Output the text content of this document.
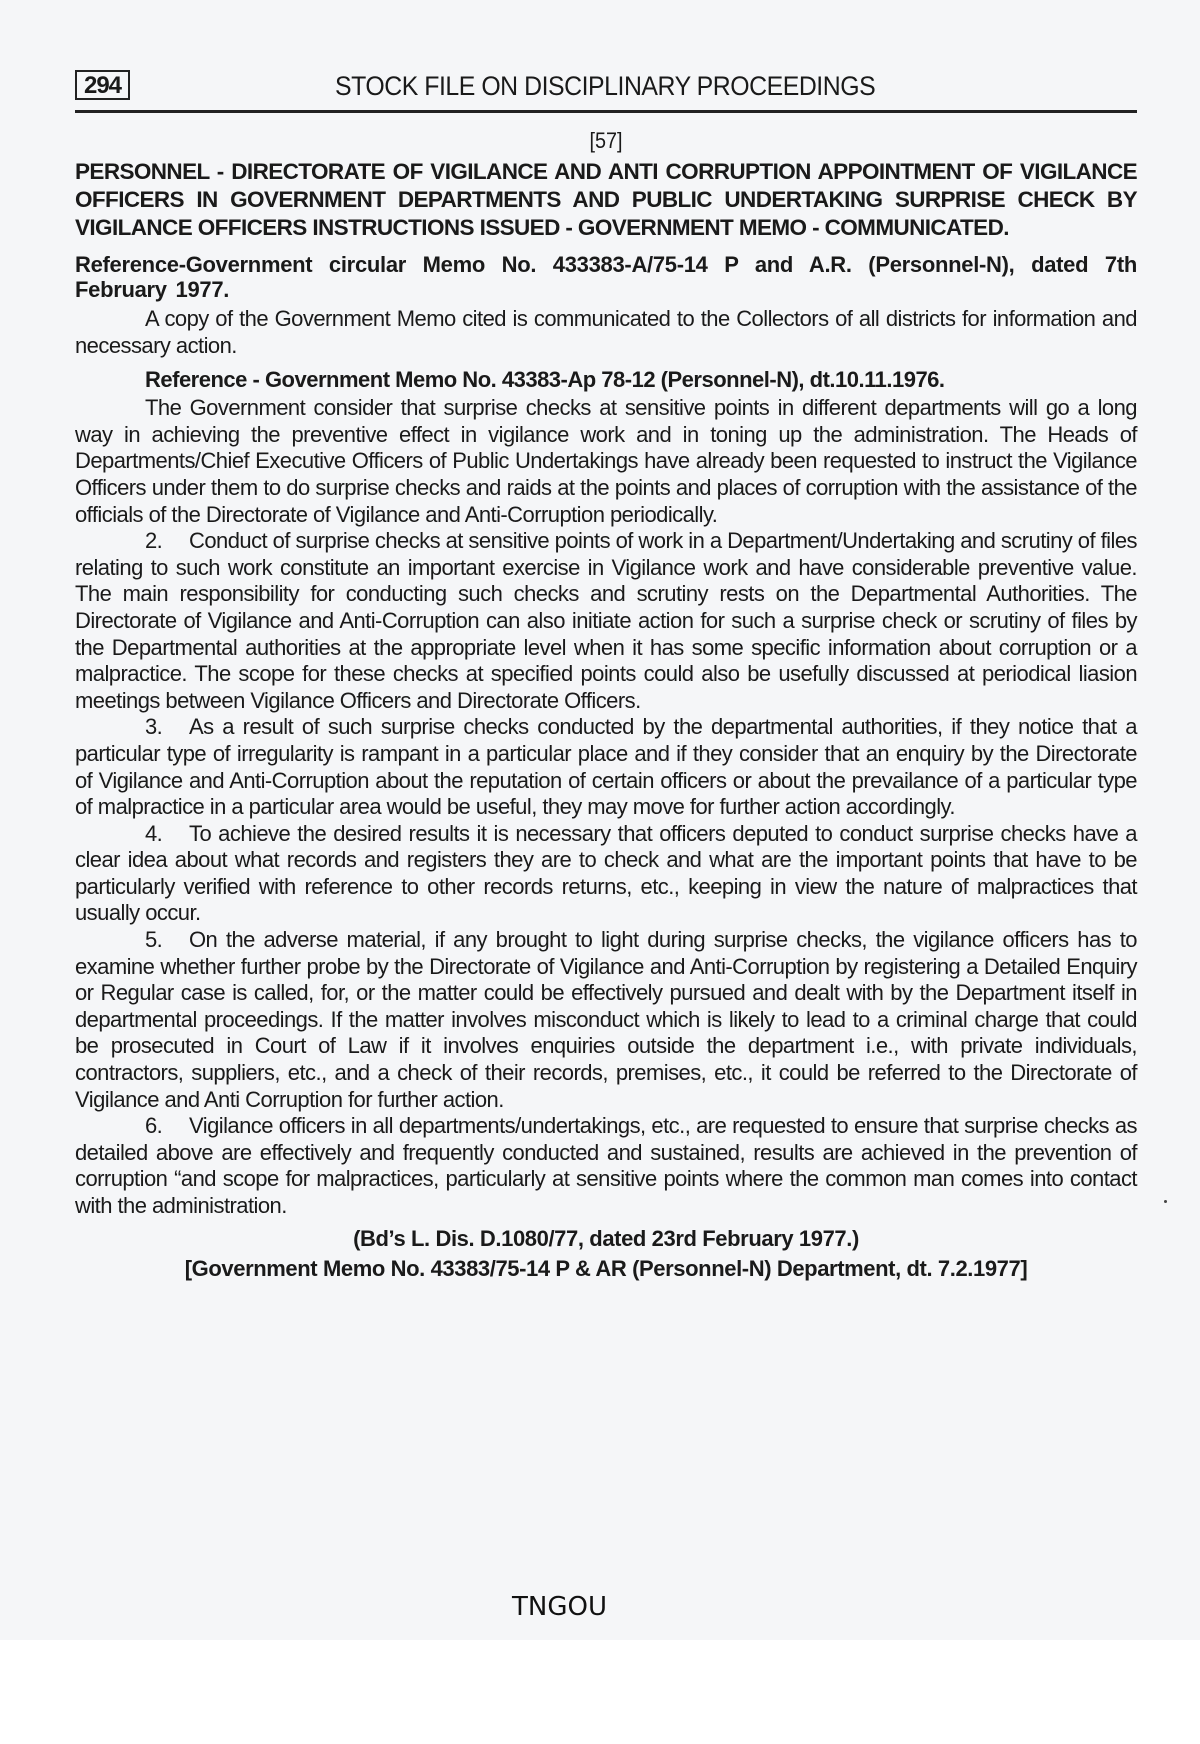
294	STOCK FILE ON DISCIPLINARY PROCEEDINGS
[57]
PERSONNEL - DIRECTORATE OF VIGILANCE AND ANTI CORRUPTION APPOINTMENT OF VIGILANCE OFFICERS IN GOVERNMENT DEPARTMENTS AND PUBLIC UNDERTAKING SURPRISE CHECK BY VIGILANCE OFFICERS INSTRUCTIONS ISSUED - GOVERNMENT MEMO - COMMUNICATED.
Reference-Government circular Memo No. 433383-A/75-14 P and A.R. (Personnel-N), dated 7th February 1977.

A copy of the Government Memo cited is communicated to the Collectors of all districts for information and necessary action.

Reference - Government Memo No. 43383-Ap 78-12 (Personnel-N), dt.10.11.1976.

The Government consider that surprise checks at sensitive points in different departments will go a long way in achieving the preventive effect in vigilance work and in toning up the administration. The Heads of Departments/Chief Executive Officers of Public Undertakings have already been requested to instruct the Vigilance Officers under them to do surprise checks and raids at the points and places of corruption with the assistance of the officials of the Directorate of Vigilance and Anti-Corruption periodically.

2. Conduct of surprise checks at sensitive points of work in a Department/Undertaking and scrutiny of files relating to such work constitute an important exercise in Vigilance work and have considerable preventive value. The main responsibility for conducting such checks and scrutiny rests on the Departmental Authorities. The Directorate of Vigilance and Anti-Corruption can also initiate action for such a surprise check or scrutiny of files by the Departmental authorities at the appropriate level when it has some specific information about corruption or a malpractice. The scope for these checks at specified points could also be usefully discussed at periodical liasion meetings between Vigilance Officers and Directorate Officers.

3. As a result of such surprise checks conducted by the departmental authorities, if they notice that a particular type of irregularity is rampant in a particular place and if they consider that an enquiry by the Directorate of Vigilance and Anti-Corruption about the reputation of certain officers or about the prevailance of a particular type of malpractice in a particular area would be useful, they may move for further action accordingly.

4. To achieve the desired results it is necessary that officers deputed to conduct surprise checks have a clear idea about what records and registers they are to check and what are the important points that have to be particularly verified with reference to other records returns, etc., keeping in view the nature of malpractices that usually occur.

5. On the adverse material, if any brought to light during surprise checks, the vigilance officers has to examine whether further probe by the Directorate of Vigilance and Anti-Corruption by registering a Detailed Enquiry or Regular case is called, for, or the matter could be effectively pursued and dealt with by the Department itself in departmental proceedings. If the matter involves misconduct which is likely to lead to a criminal charge that could be prosecuted in Court of Law if it involves enquiries outside the department i.e., with private individuals, contractors, suppliers, etc., and a check of their records, premises, etc., it could be referred to the Directorate of Vigilance and Anti Corruption for further action.

6. Vigilance officers in all departments/undertakings, etc., are requested to ensure that surprise checks as detailed above are effectively and frequently conducted and sustained, results are achieved in the prevention of corruption “and scope for malpractices, particularly at sensitive points where the common man comes into contact with the administration.

(Bd’s L. Dis. D.1080/77, dated 23rd February 1977.)
[Government Memo No. 43383/75-14 P & AR (Personnel-N) Department, dt. 7.2.1977]
TNGOU
